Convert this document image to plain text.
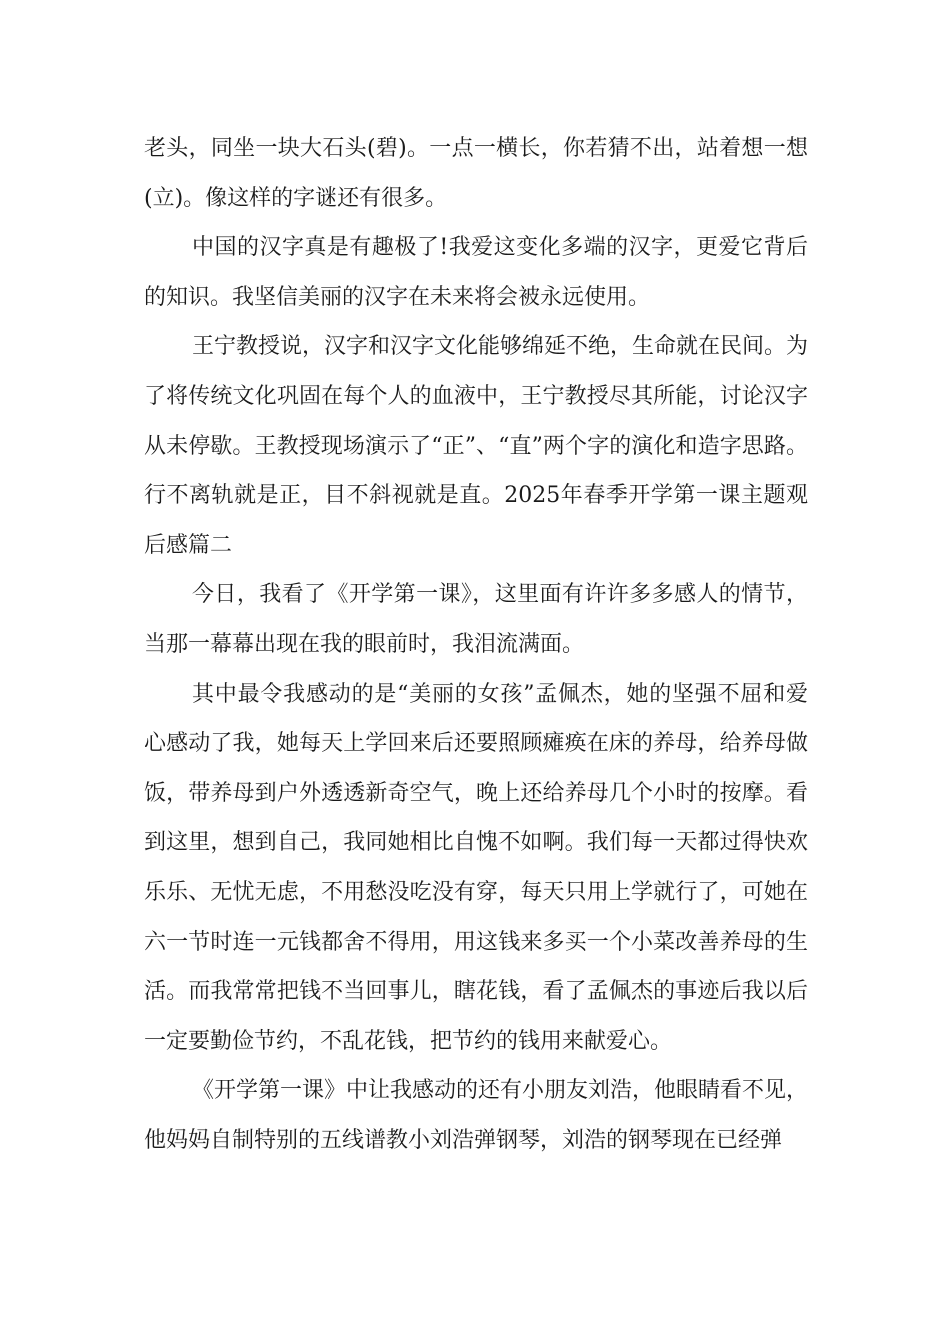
老头，同坐一块大石头(碧)。一点一横长，你若猜不出，站着想一想(立)。像这样的字谜还有很多。

中国的汉字真是有趣极了!我爱这变化多端的汉字，更爱它背后的知识。我坚信美丽的汉字在未来将会被永远使用。

王宁教授说，汉字和汉字文化能够绵延不绝，生命就在民间。为了将传统文化巩固在每个人的血液中，王宁教授尽其所能，讨论汉字从未停歇。王教授现场演示了“正”、“直”两个字的演化和造字思路。行不离轨就是正，目不斜视就是直。2025年春季开学第一课主题观后感篇二

今日，我看了《开学第一课》，这里面有许许多多感人的情节，当那一幕幕出现在我的眼前时，我泪流满面。

其中最令我感动的是“美丽的女孩”孟佩杰，她的坚强不屈和爱心感动了我，她每天上学回来后还要照顾瘫痪在床的养母，给养母做饭，带养母到户外透透新奇空气，晚上还给养母几个小时的按摩。看到这里，想到自己，我同她相比自愧不如啊。我们每一天都过得快欢乐乐、无忧无虑，不用愁没吃没有穿，每天只用上学就行了，可她在六一节时连一元钱都舍不得用，用这钱来多买一个小菜改善养母的生活。而我常常把钱不当回事儿，瞎花钱，看了孟佩杰的事迹后我以后一定要勤俭节约，不乱花钱，把节约的钱用来献爱心。

《开学第一课》中让我感动的还有小朋友刘浩，他眼睛看不见，他妈妈自制特别的五线谱教小刘浩弹钢琴，刘浩的钢琴现在已经弹
